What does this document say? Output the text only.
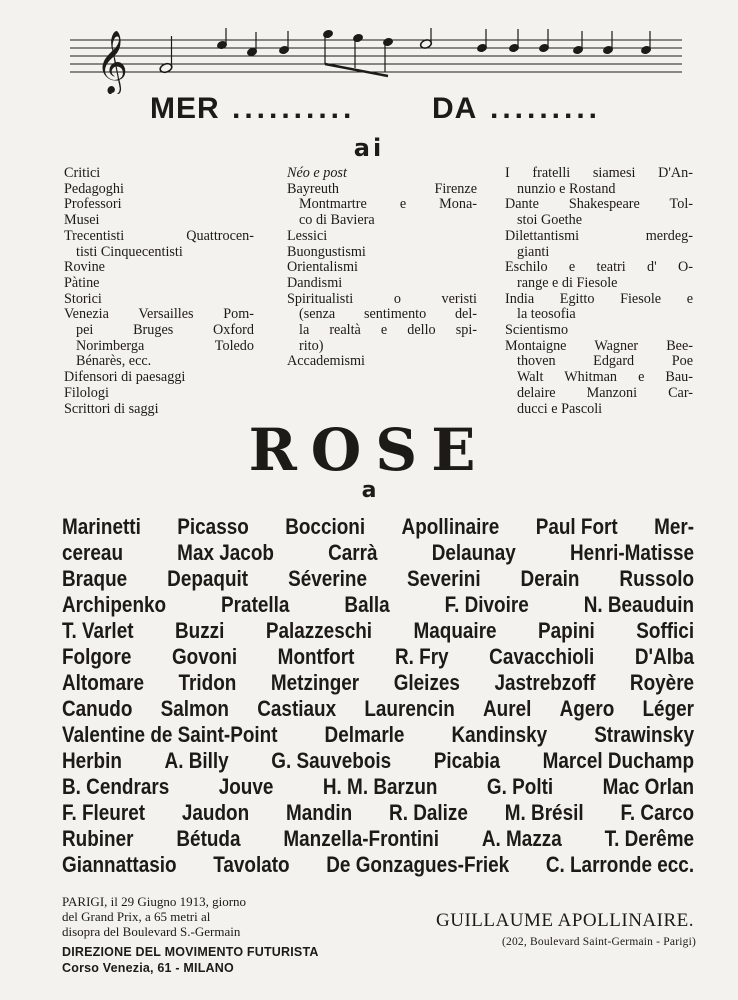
𝄞
MER ..........	DA .........
ai
Critici
Pedagoghi
Professori
Musei
Trecentisti Quattrocen-
tisti Cinquecentisti
Rovine
Pàtine
Storici
Venezia Versailles Pom-
pei Bruges Oxford
Norimberga Toledo
Bénarès, ecc.
Difensori di paesaggi
Filologi
Scrittori di saggi
Néo e post
Bayreuth Firenze
Montmartre e Mona-
co di Baviera
Lessici
Buongustismi
Orientalismi
Dandismi
Spiritualisti o veristi
(senza sentimento del-
la realtà e dello spi-
rito)
Accademismi
I fratelli siamesi D'An-
nunzio e Rostand
Dante Shakespeare Tol-
stoi Goethe
Dilettantismi merdeg-
gianti
Eschilo e teatri d' O-
range e di Fiesole
India Egitto Fiesole e
la teosofia
Scientismo
Montaigne Wagner Bee-
thoven Edgard Poe
Walt Whitman e Bau-
delaire Manzoni Car-
ducci e Pascoli
ROSE
a
Marinetti Picasso Boccioni Apollinaire Paul Fort Mer-
cereau Max Jacob Carrà Delaunay Henri-Matisse
Braque Depaquit Séverine Severini Derain Russolo
Archipenko Pratella Balla F. Divoire N. Beauduin
T. Varlet Buzzi Palazzeschi Maquaire Papini Soffici
Folgore Govoni Montfort R. Fry Cavacchioli D'Alba
Altomare Tridon Metzinger Gleizes Jastrebzoff Royère
Canudo Salmon Castiaux Laurencin Aurel Agero Léger
Valentine de Saint-Point Delmarle Kandinsky Strawinsky
Herbin A. Billy G. Sauvebois Picabia Marcel Duchamp
B. Cendrars Jouve H. M. Barzun G. Polti Mac Orlan
F. Fleuret Jaudon Mandin R. Dalize M. Brésil F. Carco
Rubiner Bétuda Manzella-Frontini A. Mazza T. Derême
Giannattasio Tavolato De Gonzagues-Friek C. Larronde ecc.
PARIGI, il 29 Giugno 1913, giorno
del Grand Prix, a 65 metri al
disopra del Boulevard S.-Germain
DIREZIONE DEL MOVIMENTO FUTURISTA
Corso Venezia, 61 - MILANO
GUILLAUME APOLLINAIRE.
(202, Boulevard Saint-Germain - Parigi)
